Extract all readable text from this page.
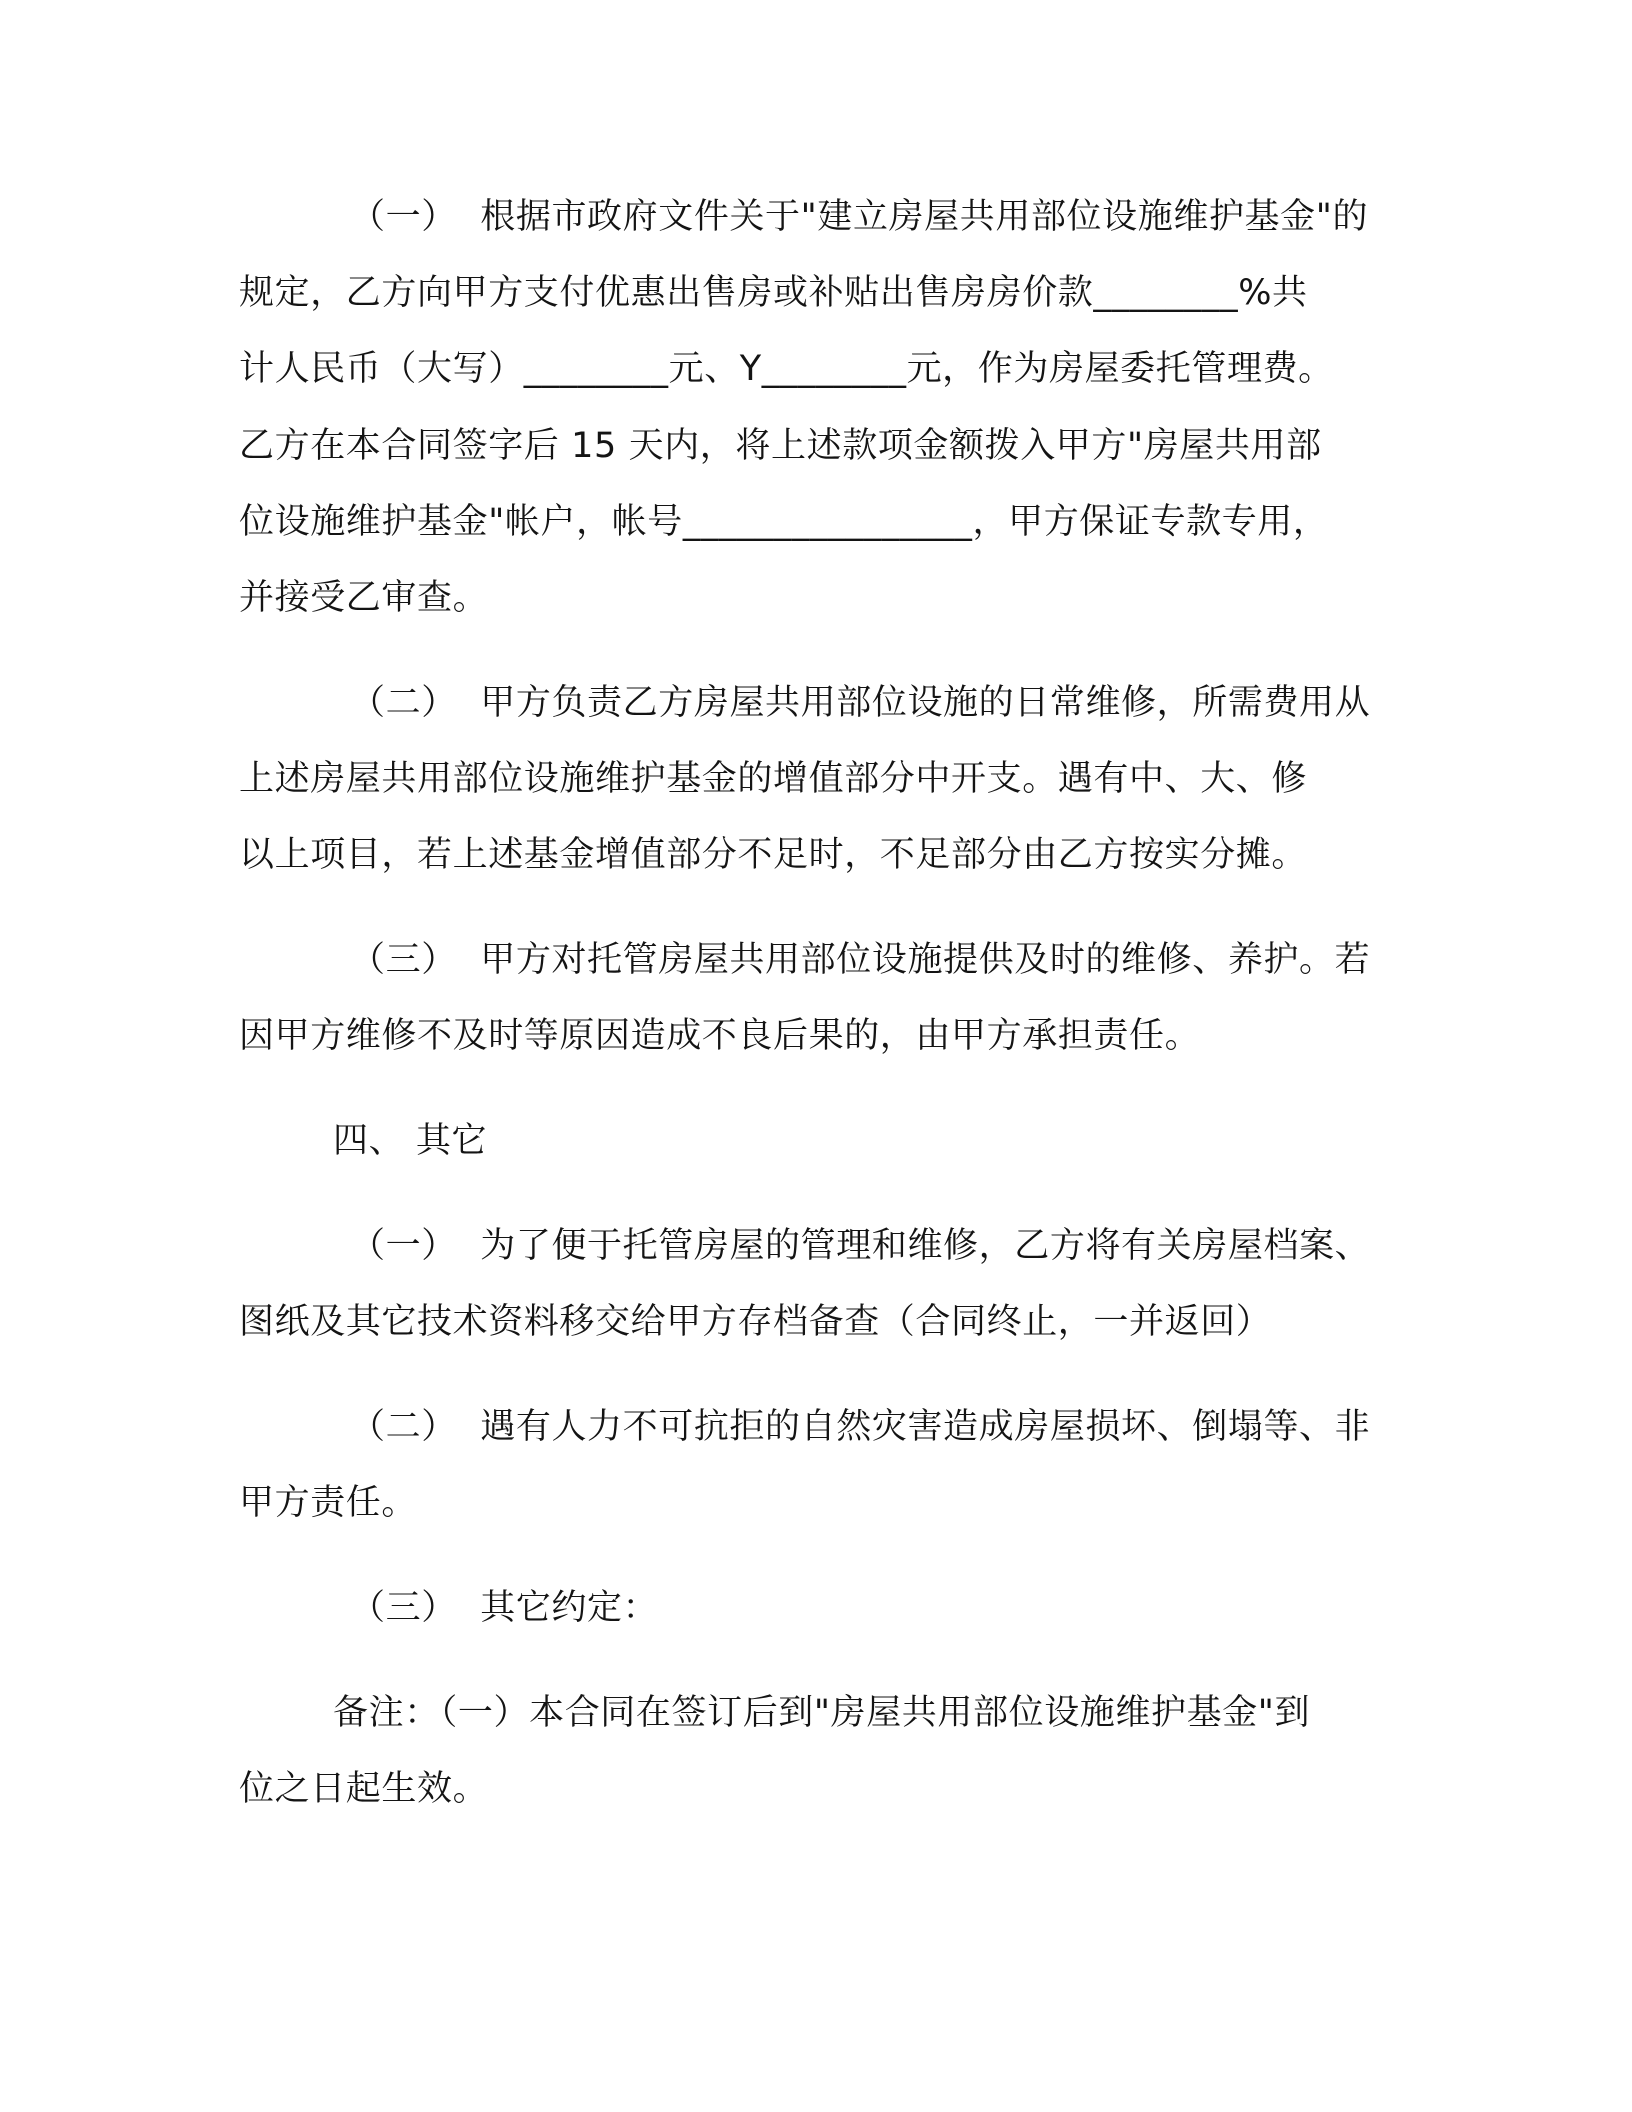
（一）  根据市政府文件关于"建立房屋共用部位设施维护基金"的
规定，乙方向甲方支付优惠出售房或补贴出售房房价款________%共
计人民币（大写）________元、Y________元，作为房屋委托管理费。
乙方在本合同签字后 15 天内，将上述款项金额拨入甲方"房屋共用部
位设施维护基金"帐户，帐号________________，甲方保证专款专用，
并接受乙审查。
（二）  甲方负责乙方房屋共用部位设施的日常维修，所需费用从
上述房屋共用部位设施维护基金的增值部分中开支。遇有中、大、修
以上项目，若上述基金增值部分不足时，不足部分由乙方按实分摊。
（三）  甲方对托管房屋共用部位设施提供及时的维修、养护。若
因甲方维修不及时等原因造成不良后果的，由甲方承担责任。
四、 其它
（一）  为了便于托管房屋的管理和维修，乙方将有关房屋档案、
图纸及其它技术资料移交给甲方存档备查（合同终止，一并返回）
（二）  遇有人力不可抗拒的自然灾害造成房屋损坏、倒塌等、非
甲方责任。
（三）  其它约定：
备注：（一）本合同在签订后到"房屋共用部位设施维护基金"到
位之日起生效。
